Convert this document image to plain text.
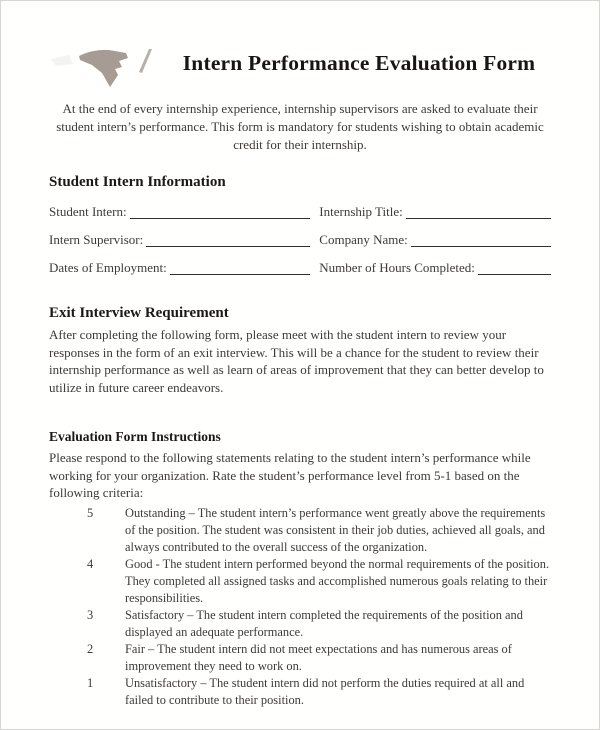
Intern Performance Evaluation Form

At the end of every internship experience, internship supervisors are asked to evaluate their student intern’s performance. This form is mandatory for students wishing to obtain academic credit for their internship.

Student Intern Information
Student Intern:	Internship Title:
Intern Supervisor:	Company Name:
Dates of Employment:	Number of Hours Completed:
Exit Interview Requirement

After completing the following form, please meet with the student intern to review your responses in the form of an exit interview. This will be a chance for the student to review their internship performance as well as learn of areas of improvement that they can better develop to utilize in future career endeavors.

Evaluation Form Instructions

Please respond to the following statements relating to the student intern’s performance while working for your organization. Rate the student’s performance level from 5-1 based on the following criteria:

5	Outstanding – The student intern’s performance went greatly above the requirements of the position. The student was consistent in their job duties, achieved all goals, and always contributed to the overall success of the organization.
4	Good - The student intern performed beyond the normal requirements of the position. They completed all assigned tasks and accomplished numerous goals relating to their responsibilities.
3	Satisfactory – The student intern completed the requirements of the position and displayed an adequate performance.
2	Fair – The student intern did not meet expectations and has numerous areas of improvement they need to work on.
1	Unsatisfactory – The student intern did not perform the duties required at all and failed to contribute to their position.
